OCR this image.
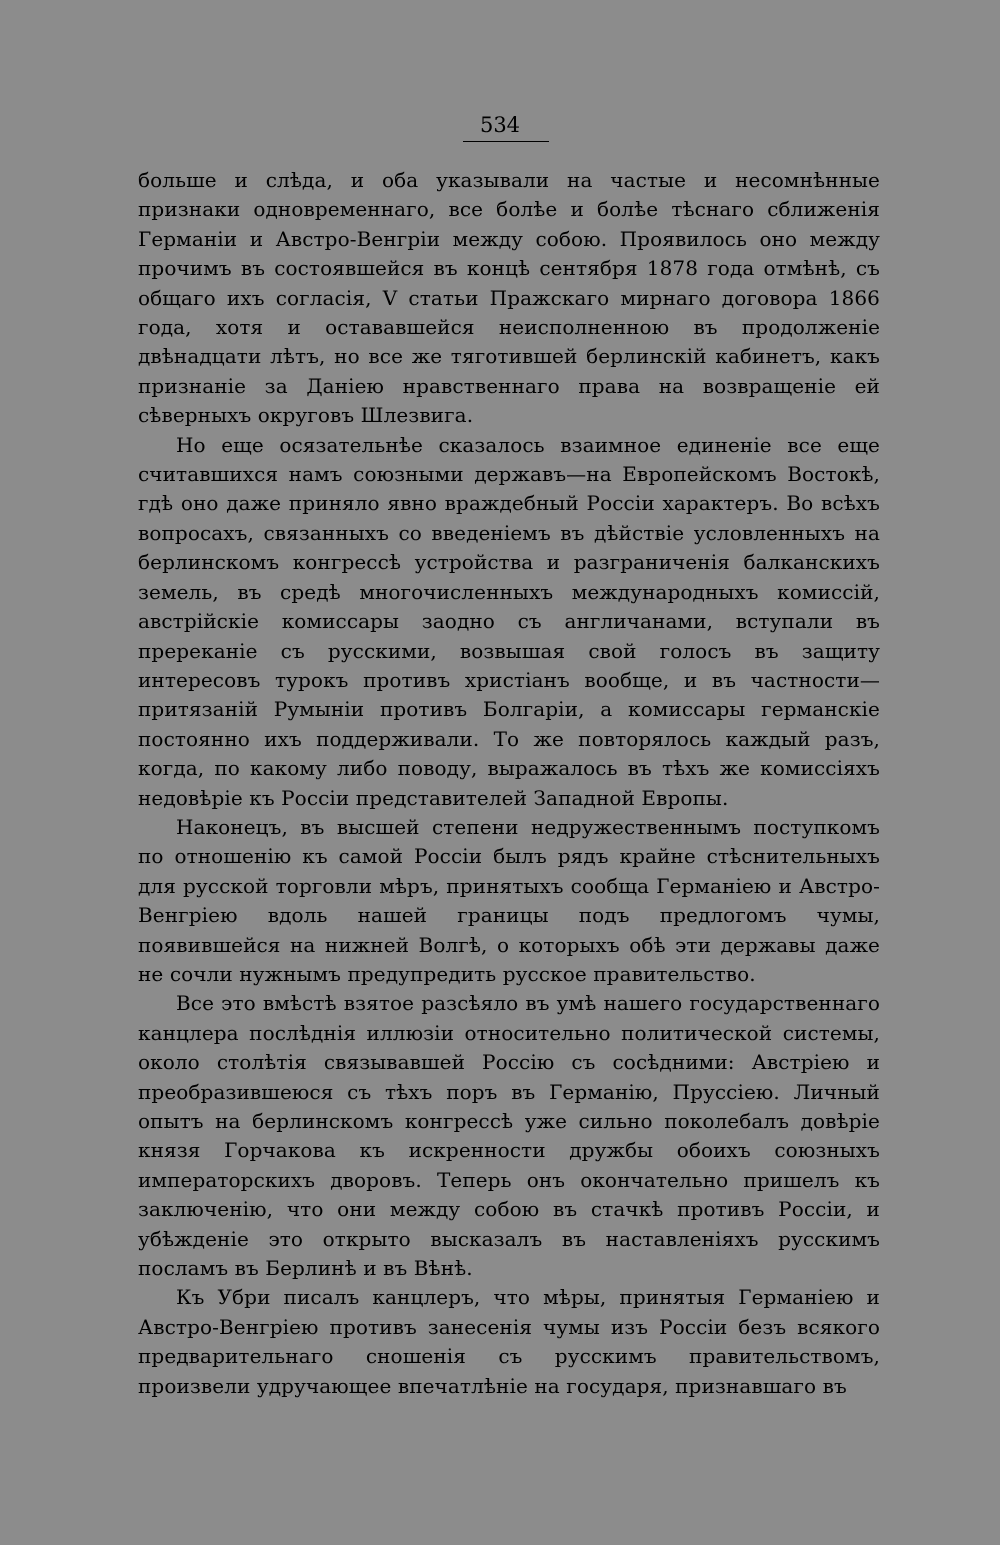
534

больше и слѣда, и оба указывали на частые и несомнѣнные признаки одновременнаго, все болѣе и болѣе тѣснаго сближенія Германіи и Австро-Венгріи между собою. Проявилось оно между прочимъ въ состоявшейся въ концѣ сентября 1878 года отмѣнѣ, съ общаго ихъ согласія, V статьи Пражскаго мирнаго договора 1866 года, хотя и остававшейся неисполненною въ продолженіе двѣнадцати лѣтъ, но все же тяготившей берлинскій кабинетъ, какъ признаніе за Даніею нравственнаго права на возвращеніе ей сѣверныхъ округовъ Шлезвига.

Но еще осязательнѣе сказалось взаимное единеніе все еще считавшихся намъ союзными державъ—на Европейскомъ Востокѣ, гдѣ оно даже приняло явно враждебный Россіи характеръ. Во всѣхъ вопросахъ, связанныхъ со введеніемъ въ дѣйствіе условленныхъ на берлинскомъ конгрессѣ устройства и разграниченія балканскихъ земель, въ средѣ многочисленныхъ международныхъ комиссій, австрійскіе комиссары заодно съ англичанами, вступали въ пререканіе съ русскими, возвышая свой голосъ въ защиту интересовъ турокъ противъ христіанъ вообще, и въ частности—притязаній Румыніи противъ Болгаріи, а комиссары германскіе постоянно ихъ поддерживали. То же повторялось каждый разъ, когда, по какому либо поводу, выражалось въ тѣхъ же комиссіяхъ недовѣріе къ Россіи представителей Западной Европы.

Наконецъ, въ высшей степени недружественнымъ поступкомъ по отношенію къ самой Россіи былъ рядъ крайне стѣснительныхъ для русской торговли мѣръ, принятыхъ сообща Германіею и Австро-Венгріею вдоль нашей границы подъ предлогомъ чумы, появившейся на нижней Волгѣ, о которыхъ обѣ эти державы даже не сочли нужнымъ предупредить русское правительство.

Все это вмѣстѣ взятое разсѣяло въ умѣ нашего государственнаго канцлера послѣднія иллюзіи относительно политической системы, около столѣтія связывавшей Россію съ сосѣдними: Австріею и преобразившеюся съ тѣхъ поръ въ Германію, Пруссіею. Личный опытъ на берлинскомъ конгрессѣ уже сильно поколебалъ довѣріе князя Горчакова къ искренности дружбы обоихъ союзныхъ императорскихъ дворовъ. Теперь онъ окончательно пришелъ къ заключенію, что они между собою въ стачкѣ противъ Россіи, и убѣжденіе это открыто высказалъ въ наставленіяхъ русскимъ посламъ въ Берлинѣ и въ Вѣнѣ.

Къ Убри писалъ канцлеръ, что мѣры, принятыя Германіею и Австро-Венгріею противъ занесенія чумы изъ Россіи безъ всякого предварительнаго сношенія съ русскимъ правительствомъ, произвели удручающее впечатлѣніе на государя, признавшаго въ
